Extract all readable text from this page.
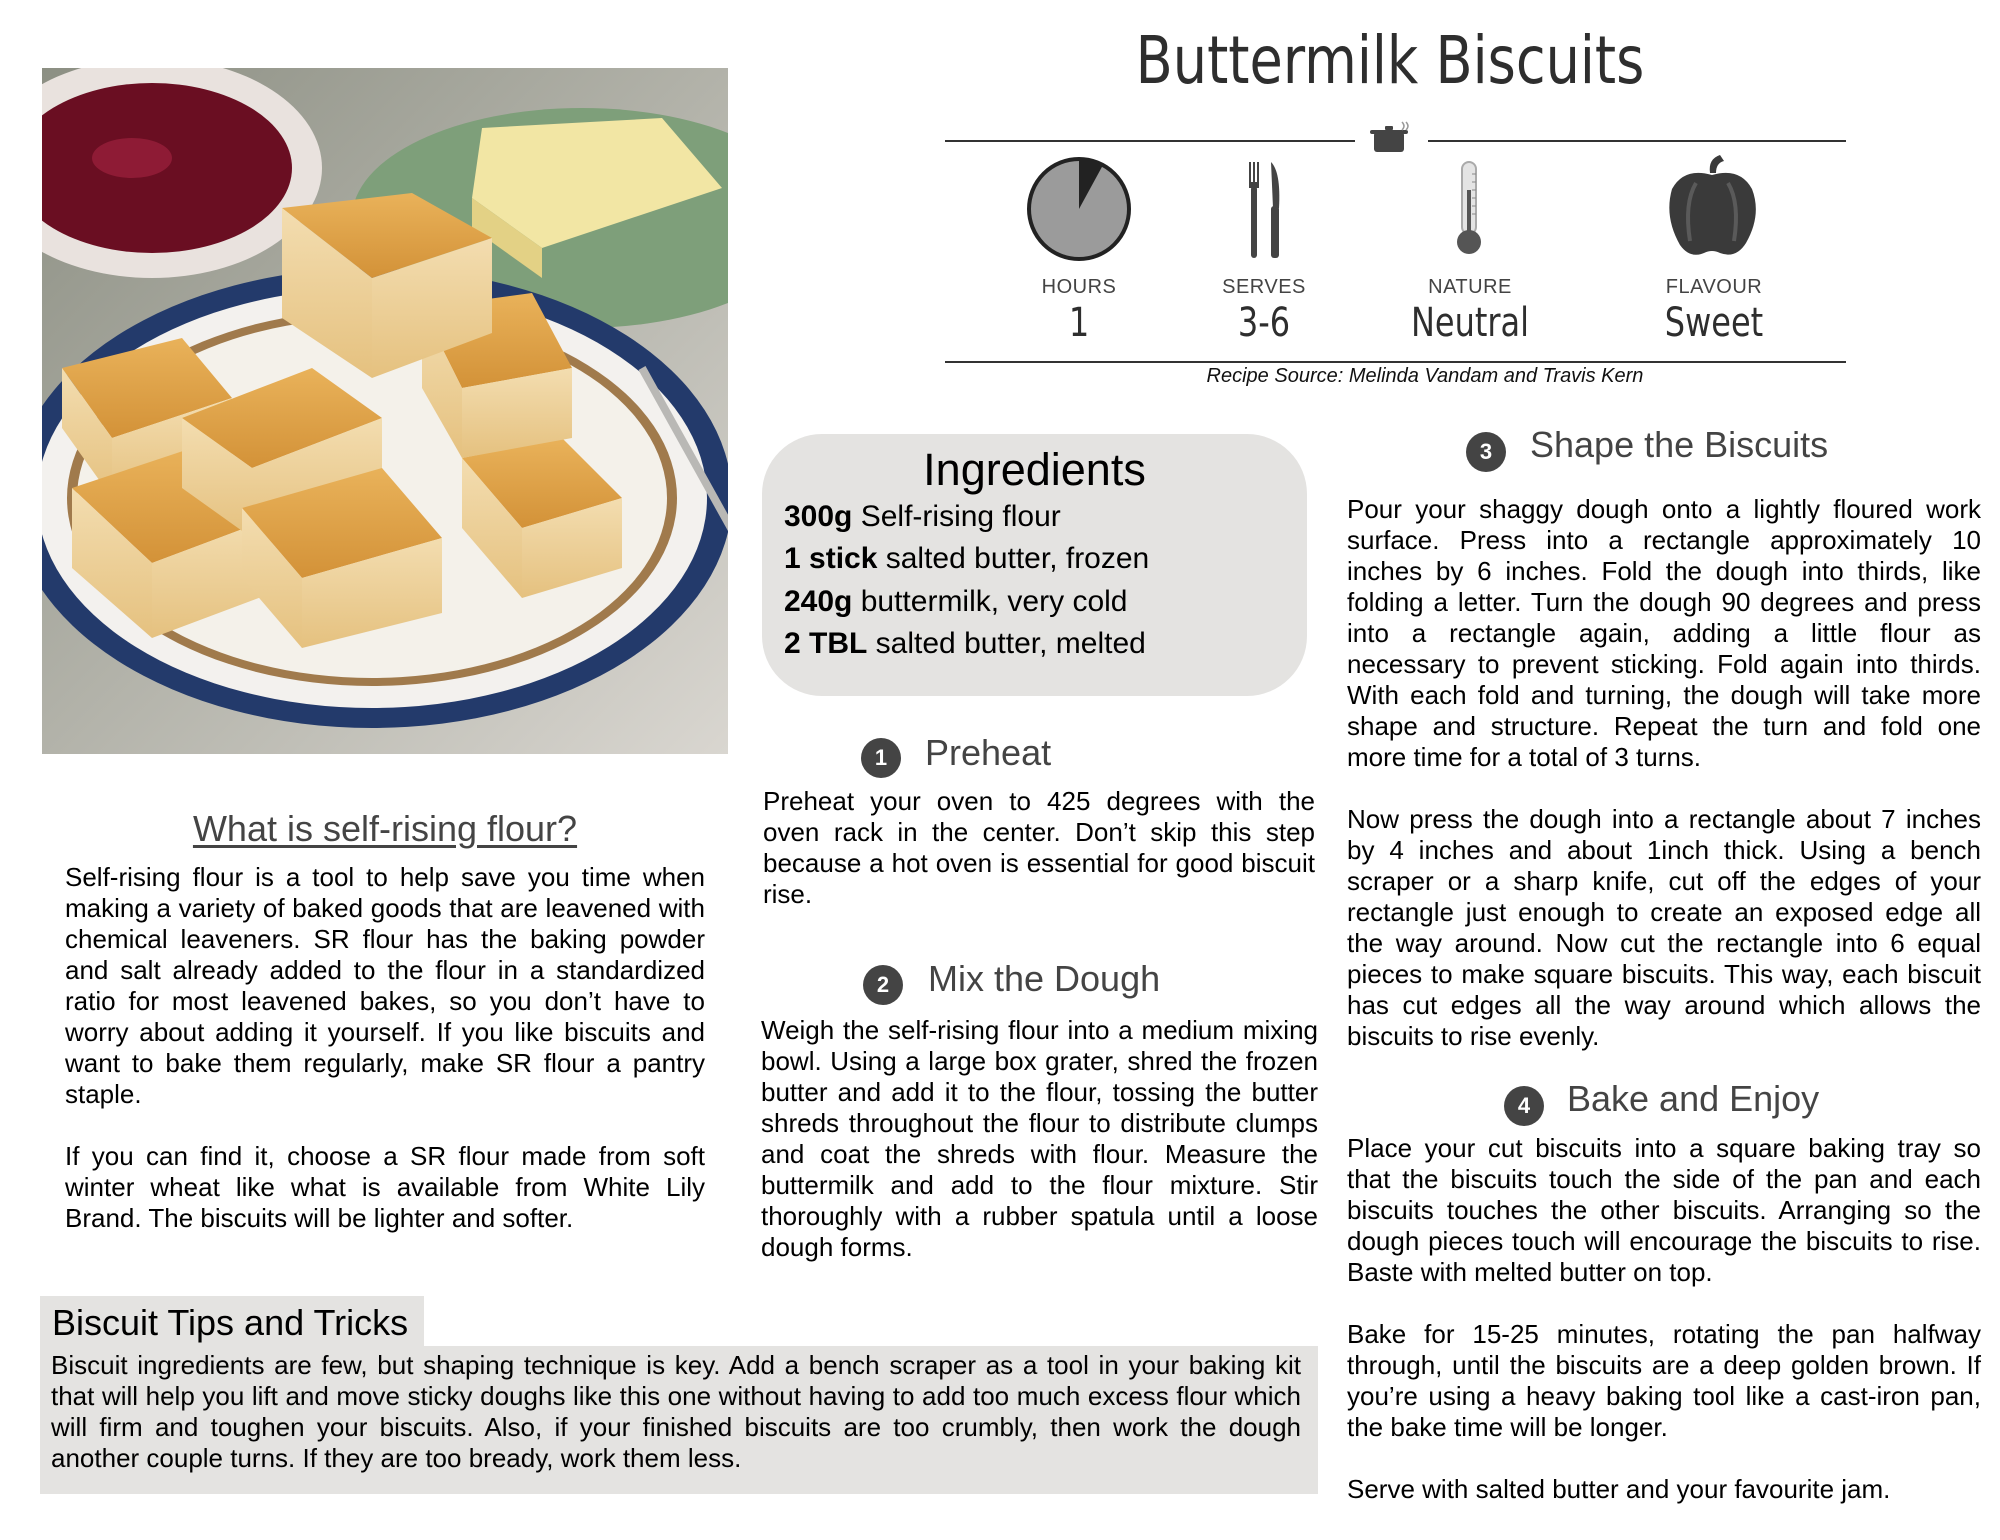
Buttermilk Biscuits
HOURS
1
SERVES
3-6
NATURE
Neutral
FLAVOUR
Sweet
Recipe Source: Melinda Vandam and Travis Kern
Ingredients
300g Self-rising flour
1 stick salted butter, frozen
240g buttermilk, very cold
2 TBL salted butter, melted
1	Preheat

Preheat your oven to 425 degrees with the oven rack in the center. Don’t skip this step because a hot oven is essential for good biscuit rise.

2	Mix the Dough

Weigh the self-rising flour into a medium mixing bowl. Using a large box grater, shred the frozen butter and add it to the flour, tossing the butter shreds throughout the flour to distribute clumps and coat the shreds with flour. Measure the buttermilk and add to the flour mixture. Stir thoroughly with a rubber spatula until a loose dough forms.

3	Shape the Biscuits

Pour your shaggy dough onto a lightly floured work surface. Press into a rectangle approximately 10 inches by 6 inches. Fold the dough into thirds, like folding a letter. Turn the dough 90 degrees and press into a rectangle again, adding a little flour as necessary to prevent sticking. Fold again into thirds. With each fold and turning, the dough will take more shape and structure. Repeat the turn and fold one more time for a total of 3 turns.

Now press the dough into a rectangle about 7 inches by 4 inches and about 1inch thick. Using a bench scraper or a sharp knife, cut off the edges of your rectangle just enough to create an exposed edge all the way around. Now cut the rectangle into 6 equal pieces to make square biscuits. This way, each biscuit has cut edges all the way around which allows the biscuits to rise evenly.

4	Bake and Enjoy

Place your cut biscuits into a square baking tray so that the biscuits touch the side of the pan and each biscuits touches the other biscuits. Arranging so the dough pieces touch will encourage the biscuits to rise. Baste with melted butter on top.

Bake for 15-25 minutes, rotating the pan halfway through, until the biscuits are a deep golden brown. If you’re using a heavy baking tool like a cast-iron pan, the bake time will be longer.

Serve with salted butter and your favourite jam.

What is self-rising flour?

Self-rising flour is a tool to help save you time when making a variety of baked goods that are leavened with chemical leaveners. SR flour has the baking powder and salt already added to the flour in a standardized ratio for most leavened bakes, so you don’t have to worry about adding it yourself. If you like biscuits and want to bake them regularly, make SR flour a pantry staple.

If you can find it, choose a SR flour made from soft winter wheat like what is available from White Lily Brand. The biscuits will be lighter and softer.

Biscuit Tips and Tricks

Biscuit ingredients are few, but shaping technique is key. Add a bench scraper as a tool in your baking kit that will help you lift and move sticky doughs like this one without having to add too much excess flour which will firm and toughen your biscuits. Also, if your finished biscuits are too crumbly, then work the dough another couple turns. If they are too bready, work them less.
